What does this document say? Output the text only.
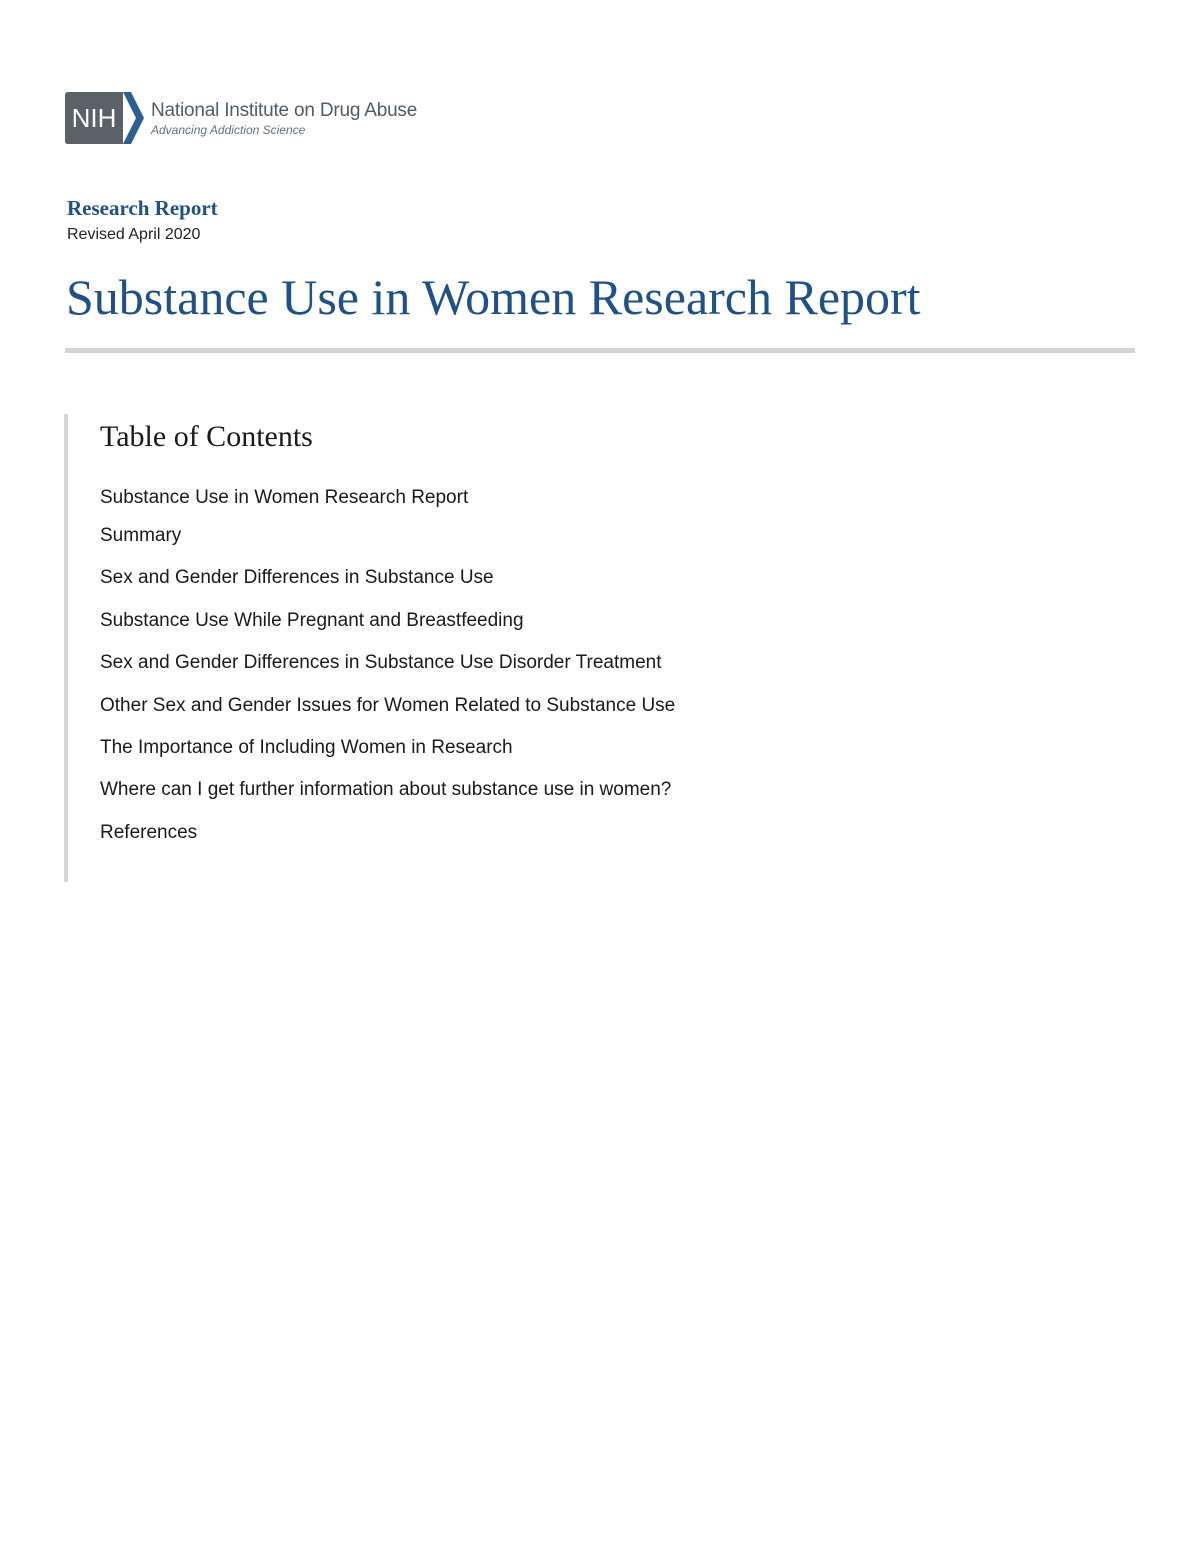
NIH National Institute on Drug Abuse
Advancing Addiction Science
Research Report
Revised April 2020
Substance Use in Women Research Report
Table of Contents
Substance Use in Women Research Report
Summary
Sex and Gender Differences in Substance Use
Substance Use While Pregnant and Breastfeeding
Sex and Gender Differences in Substance Use Disorder Treatment
Other Sex and Gender Issues for Women Related to Substance Use
The Importance of Including Women in Research
Where can I get further information about substance use in women?
References
